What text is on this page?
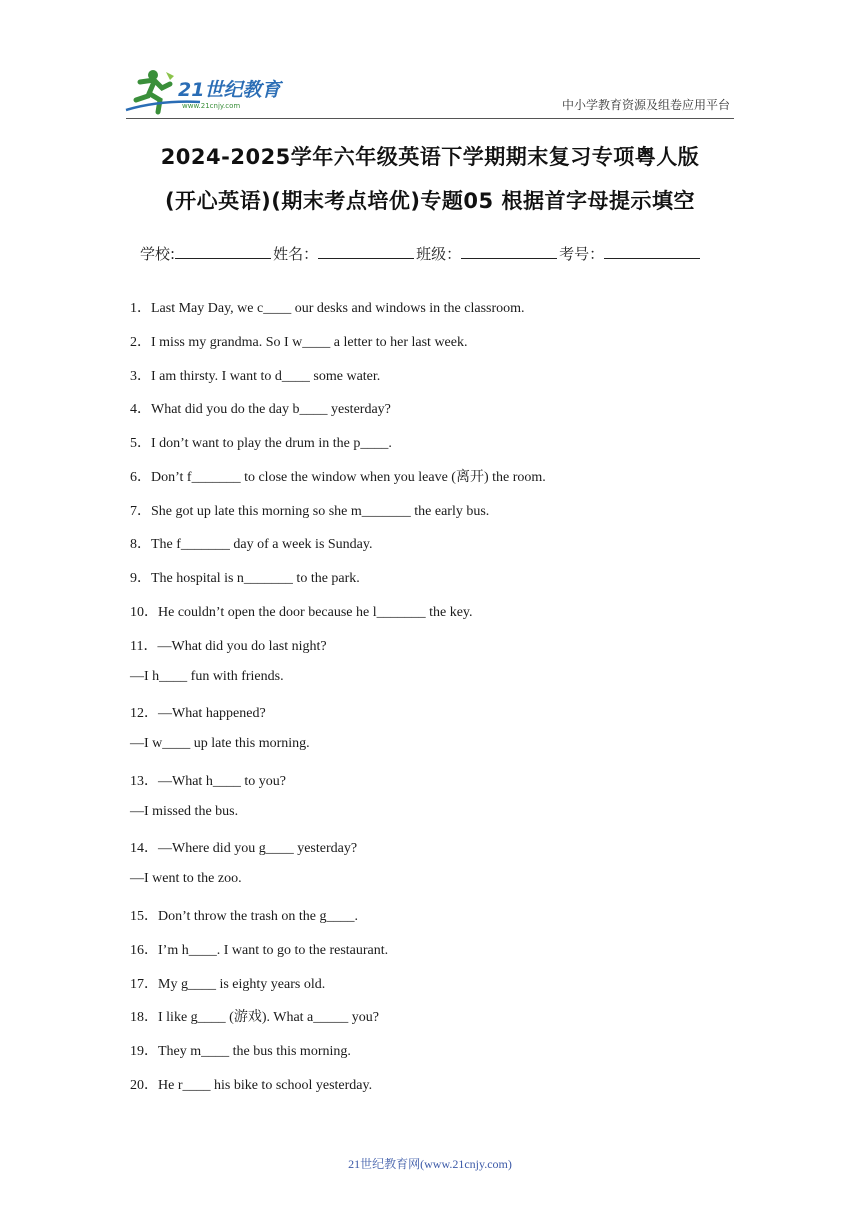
21世纪教育
www.21cnjy.com	中小学教育资源及组卷应用平台
2024-2025学年六年级英语下学期期末复习专项粤人版
(开心英语)(期末考点培优)专题05 根据首字母提示填空
学校:	姓名：	班级：	考号：
1．Last May Day, we c____ our desks and windows in the classroom.
2．I miss my grandma. So I w____ a letter to her last week.
3．I am thirsty. I want to d____ some water.
4．What did you do the day b____ yesterday?
5．I don’t want to play the drum in the p____.
6．Don’t f_______ to close the window when you leave (离开) the room.
7．She got up late this morning so she m_______ the early bus.
8．The f_______ day of a week is Sunday.
9．The hospital is n_______ to the park.
10．He couldn’t open the door because he l_______ the key.
11．—What did you do last night?
—I h____ fun with friends.
12．—What happened?
—I w____ up late this morning.
13．—What h____ to you?
—I missed the bus.
14．—Where did you g____ yesterday?
—I went to the zoo.
15．Don’t throw the trash on the g____.
16．I’m h____. I want to go to the restaurant.
17．My g____ is eighty years old.
18．I like g____ (游戏). What a_____ you?
19．They m____ the bus this morning.
20．He r____ his bike to school yesterday.
21世纪教育网(www.21cnjy.com)
